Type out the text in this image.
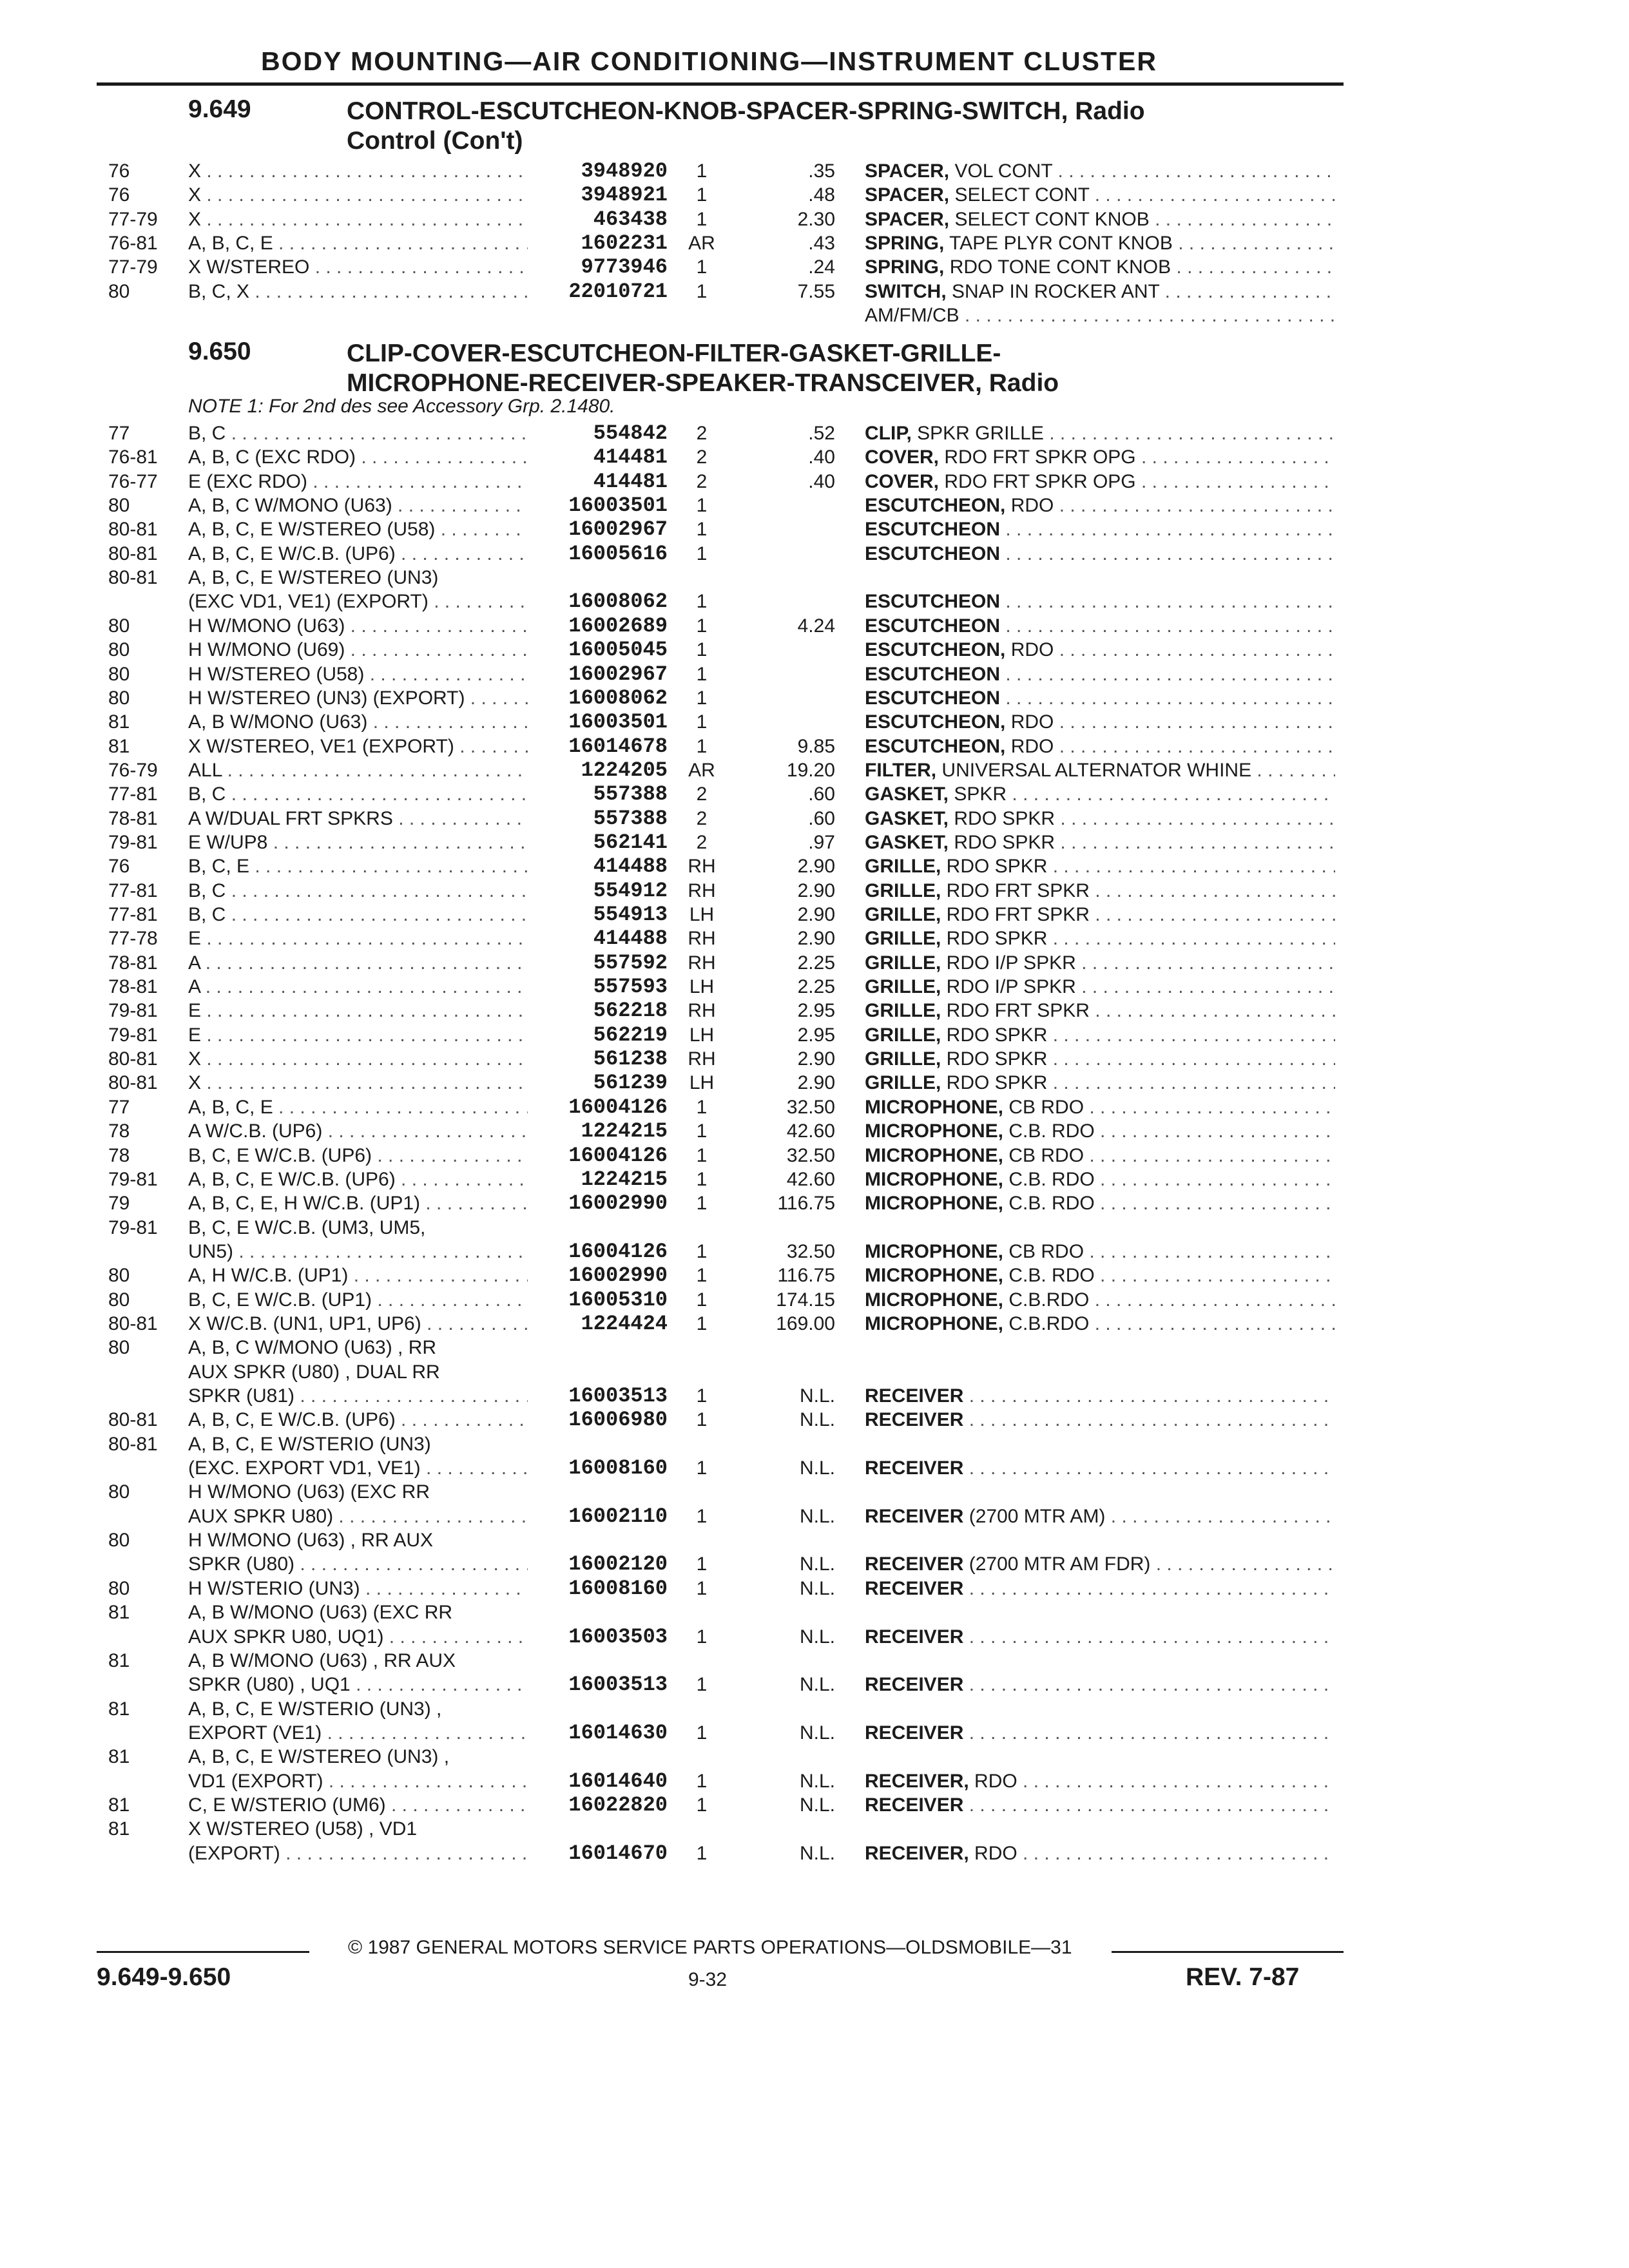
BODY MOUNTING—AIR CONDITIONING—INSTRUMENT CLUSTER
9.649	CONTROL-ESCUTCHEON-KNOB-SPACER-SPRING-SWITCH, Radio
Control (Con't)
76	X . . .	3948920	1	.35 SPACER, VOL CONT . . .
76	X . . .	3948921	1	.48 SPACER, SELECT CONT . . .
77-79 X . . .	463438	1	2.30 SPACER, SELECT CONT KNOB . . .
76-81 A, B, C, E . . .	1602231 AR	.43 SPRING, TAPE PLYR CONT KNOB . . .
77-79 X W/STEREO . . .	9773946	1	.24 SPRING, RDO TONE CONT KNOB . . .
80	B, C, X . . .	22010721	1	7.55 SWITCH, SNAP IN ROCKER ANT . . .
AM/FM/CB . . .
9.650	CLIP-COVER-ESCUTCHEON-FILTER-GASKET-GRILLE-
MICROPHONE-RECEIVER-SPEAKER-TRANSCEIVER, Radio
NOTE 1: For 2nd des see Accessory Grp. 2.1480.
77	B, C . . .	554842	2	.52 CLIP, SPKR GRILLE . . .
76-81 A, B, C (EXC RDO) . . .	414481	2	.40 COVER, RDO FRT SPKR OPG . . .
76-77 E (EXC RDO) . . .	414481	2	.40 COVER, RDO FRT SPKR OPG . . .
80	A, B, C W/MONO (U63) . . .	16003501	1	ESCUTCHEON, RDO . . .
80-81 A, B, C, E W/STEREO (U58) . . .	16002967	1	ESCUTCHEON . . .
80-81 A, B, C, E W/C.B. (UP6) . . .	16005616	1	ESCUTCHEON . . .
80-81 A, B, C, E W/STEREO (UN3)
(EXC VD1, VE1) (EXPORT) . . .	16008062	1	ESCUTCHEON . . .
80	H W/MONO (U63) . . .	16002689	1	4.24 ESCUTCHEON . . .
80	H W/MONO (U69) . . .	16005045	1	ESCUTCHEON, RDO . . .
80	H W/STEREO (U58) . . .	16002967	1	ESCUTCHEON . . .
80	H W/STEREO (UN3) (EXPORT) . . .	16008062	1	ESCUTCHEON . . .
81	A, B W/MONO (U63) . . .	16003501	1	ESCUTCHEON, RDO . . .
81	X W/STEREO, VE1 (EXPORT) . . .	16014678	1	9.85 ESCUTCHEON, RDO . . .
76-79 ALL . . .	1224205 AR	19.20 FILTER, UNIVERSAL ALTERNATOR WHINE . . .
77-81 B, C . . .	557388	2	.60 GASKET, SPKR . . .
78-81 A W/DUAL FRT SPKRS . . .	557388	2	.60 GASKET, RDO SPKR . . .
79-81 E W/UP8 . . .	562141	2	.97 GASKET, RDO SPKR . . .
76	B, C, E . . .	414488 RH	2.90 GRILLE, RDO SPKR . . .
77-81 B, C . . .	554912 RH	2.90 GRILLE, RDO FRT SPKR . . .
77-81 B, C . . .	554913	LH	2.90 GRILLE, RDO FRT SPKR . . .
77-78 E . . .	414488 RH	2.90 GRILLE, RDO SPKR . . .
78-81 A . . .	557592 RH	2.25 GRILLE, RDO I/P SPKR . . .
78-81 A . . .	557593	LH	2.25 GRILLE, RDO I/P SPKR . . .
79-81 E . . .	562218 RH	2.95 GRILLE, RDO FRT SPKR . . .
79-81 E . . .	562219	LH	2.95 GRILLE, RDO SPKR . . .
80-81 X . . .	561238 RH	2.90 GRILLE, RDO SPKR . . .
80-81 X . . .	561239	LH	2.90 GRILLE, RDO SPKR . . .
77	A, B, C, E . . .	16004126	1	32.50 MICROPHONE, CB RDO . . .
78	A W/C.B. (UP6) . . .	1224215	1	42.60 MICROPHONE, C.B. RDO . . .
78	B, C, E W/C.B. (UP6) . . .	16004126	1	32.50 MICROPHONE, CB RDO . . .
79-81 A, B, C, E W/C.B. (UP6) . . .	1224215	1	42.60 MICROPHONE, C.B. RDO . . .
79	A, B, C, E, H W/C.B. (UP1) . . .	16002990	1	116.75 MICROPHONE, C.B. RDO . . .
79-81 B, C, E W/C.B. (UM3, UM5,
UN5) . . .	16004126	1	32.50 MICROPHONE, CB RDO . . .
80	A, H W/C.B. (UP1) . . .	16002990	1	116.75 MICROPHONE, C.B. RDO . . .
80	B, C, E W/C.B. (UP1) . . .	16005310	1	174.15 MICROPHONE, C.B.RDO . . .
80-81 X W/C.B. (UN1, UP1, UP6) . . .	1224424	1	169.00 MICROPHONE, C.B.RDO . . .
80	A, B, C W/MONO (U63) , RR
AUX SPKR (U80) , DUAL RR
SPKR (U81) . . .	16003513	1	N.L. RECEIVER . . .
80-81 A, B, C, E W/C.B. (UP6) . . .	16006980	1	N.L. RECEIVER . . .
80-81 A, B, C, E W/STERIO (UN3)
(EXC. EXPORT VD1, VE1) . . .	16008160	1	N.L. RECEIVER . . .
80	H W/MONO (U63) (EXC RR
AUX SPKR U80) . . .	16002110	1	N.L. RECEIVER (2700 MTR AM) . . .
80	H W/MONO (U63) , RR AUX
SPKR (U80) . . .	16002120	1	N.L. RECEIVER (2700 MTR AM FDR) . . .
80	H W/STERIO (UN3) . . .	16008160	1	N.L. RECEIVER . . .
81	A, B W/MONO (U63) (EXC RR
AUX SPKR U80, UQ1) . . .	16003503	1	N.L. RECEIVER . . .
81	A, B W/MONO (U63) , RR AUX
SPKR (U80) , UQ1 . . .	16003513	1	N.L. RECEIVER . . .
81	A, B, C, E W/STERIO (UN3) ,
EXPORT (VE1) . . .	16014630	1	N.L. RECEIVER . . .
81	A, B, C, E W/STEREO (UN3) ,
VD1 (EXPORT) . . .	16014640	1	N.L. RECEIVER, RDO . . .
81	C, E W/STERIO (UM6) . . .	16022820	1	N.L. RECEIVER . . .
81	X W/STEREO (U58) , VD1
(EXPORT) . . .	16014670	1	N.L. RECEIVER, RDO . . .
© 1987 GENERAL MOTORS SERVICE PARTS OPERATIONS—OLDSMOBILE—31
9.649-9.650	9-32	REV. 7-87
